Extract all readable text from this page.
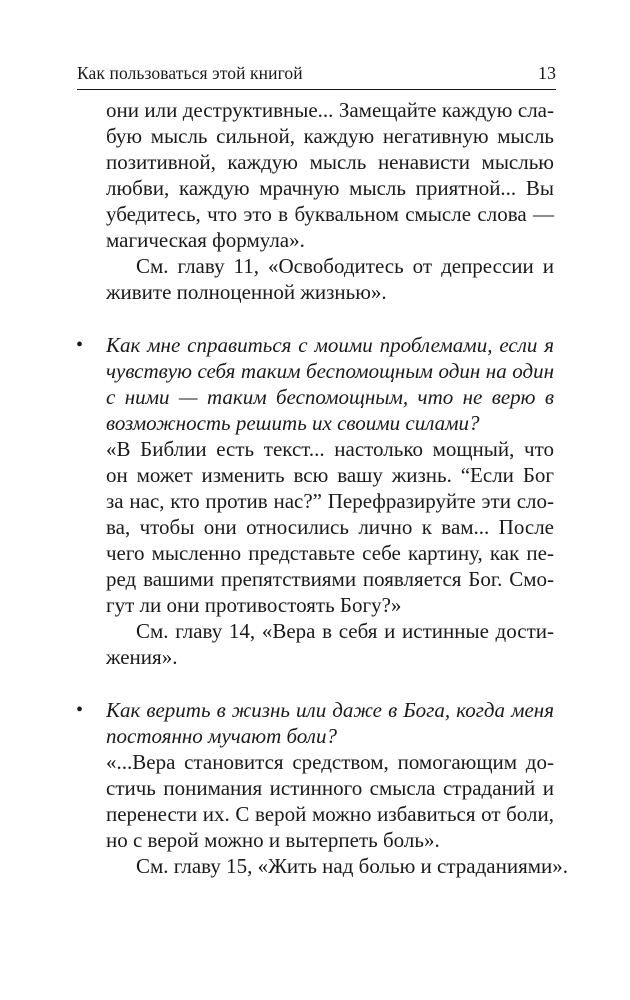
Как пользоваться этой книгой	13

они или деструктивные... Замещайте каждую сла-
бую мысль сильной, каждую негативную мысль
позитивной, каждую мысль ненависти мыслью
любви, каждую мрачную мысль приятной... Вы
убедитесь, что это в буквальном смысле слова —
магическая формула».

См. главу 11, «Освободитесь от депрессии и
живите полноценной жизнью».

• Как мне справиться с моими проблемами, если я
чувствую себя таким беспомощным один на один
с ними — таким беспомощным, что не верю в
возможность решить их своими силами?

«В Библии есть текст... настолько мощный, что
он может изменить всю вашу жизнь. “Если Бог
за нас, кто против нас?” Перефразируйте эти сло-
ва, чтобы они относились лично к вам... После
чего мысленно представьте себе картину, как пе-
ред вашими препятствиями появляется Бог. Смо-
гут ли они противостоять Богу?»

См. главу 14, «Вера в себя и истинные дости-
жения».

• Как верить в жизнь или даже в Бога, когда меня
постоянно мучают боли?

«...Вера становится средством, помогающим до-
стичь понимания истинного смысла страданий и
перенести их. С верой можно избавиться от боли,
но с верой можно и вытерпеть боль».

См. главу 15, «Жить над болью и страданиями».
